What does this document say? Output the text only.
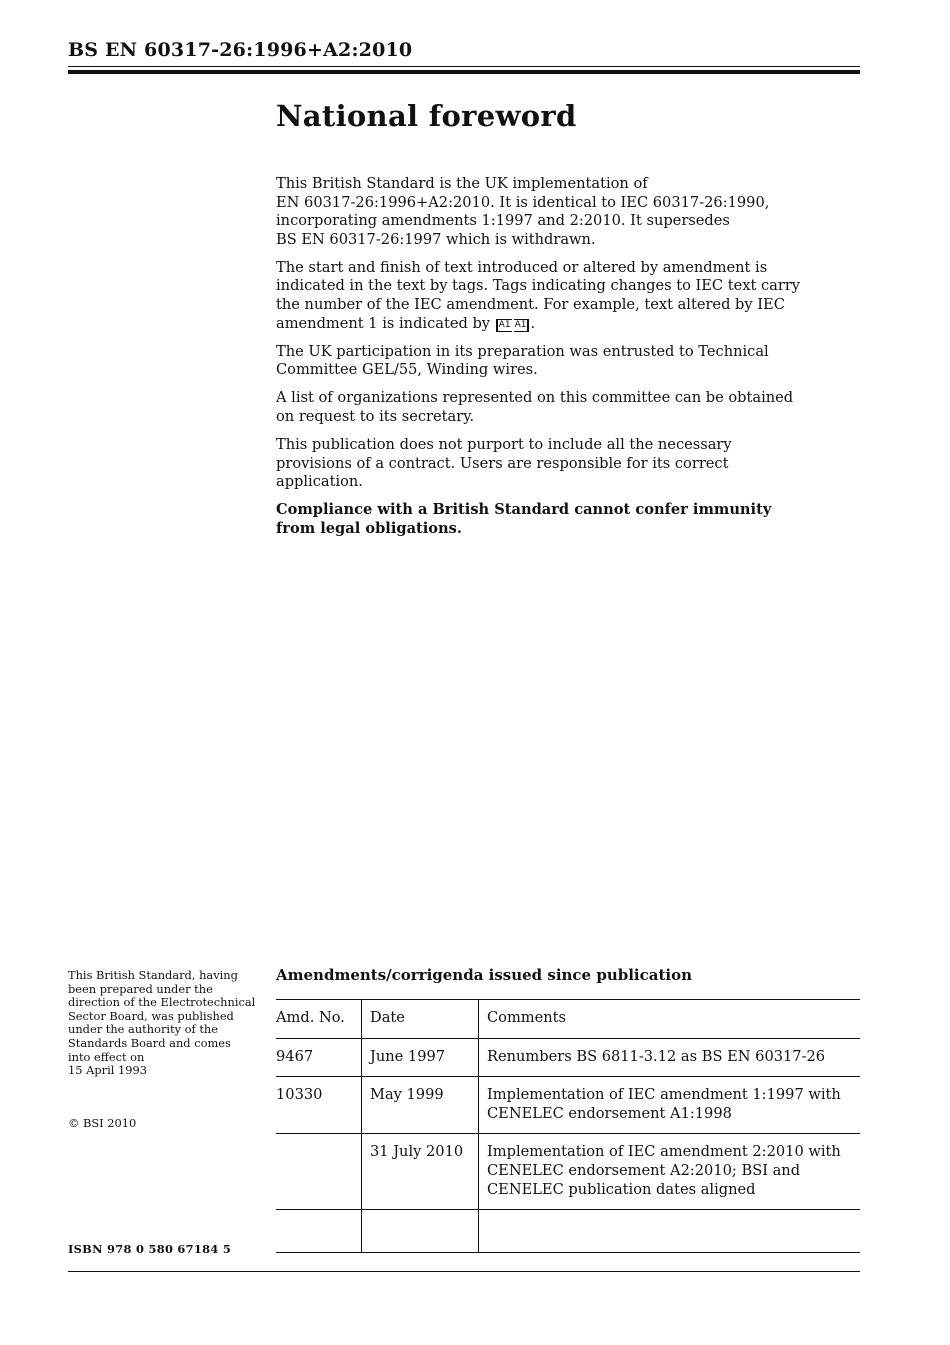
BS EN 60317-26:1996+A2:2010
National foreword

This British Standard is the UK implementation of
EN 60317-26:1996+A2:2010. It is identical to IEC 60317-26:1990,
incorporating amendments 1:1997 and 2:2010. It supersedes
BS EN 60317-26:1997 which is withdrawn.

The start and finish of text introduced or altered by amendment is
indicated in the text by tags. Tags indicating changes to IEC text carry
the number of the IEC amendment. For example, text altered by IEC
amendment 1 is indicated by A1 A1 .

The UK participation in its preparation was entrusted to Technical
Committee GEL/55, Winding wires.

A list of organizations represented on this committee can be obtained
on request to its secretary.

This publication does not purport to include all the necessary
provisions of a contract. Users are responsible for its correct
application.

Compliance with a British Standard cannot confer immunity
from legal obligations.

This British Standard, having
been prepared under the
direction of the Electrotechnical
Sector Board, was published
under the authority of the
Standards Board and comes
into effect on
15 April 1993
© BSI 2010
ISBN 978 0 580 67184 5
Amendments/corrigenda issued since publication
Amd. No.	Date	Comments
9467	June 1997	Renumbers BS 6811-3.12 as BS EN 60317-26
10330	May 1999	Implementation of IEC amendment 1:1997 with
CENELEC endorsement A1:1998
	31 July 2010	Implementation of IEC amendment 2:2010 with
CENELEC endorsement A2:2010; BSI and
CENELEC publication dates aligned
